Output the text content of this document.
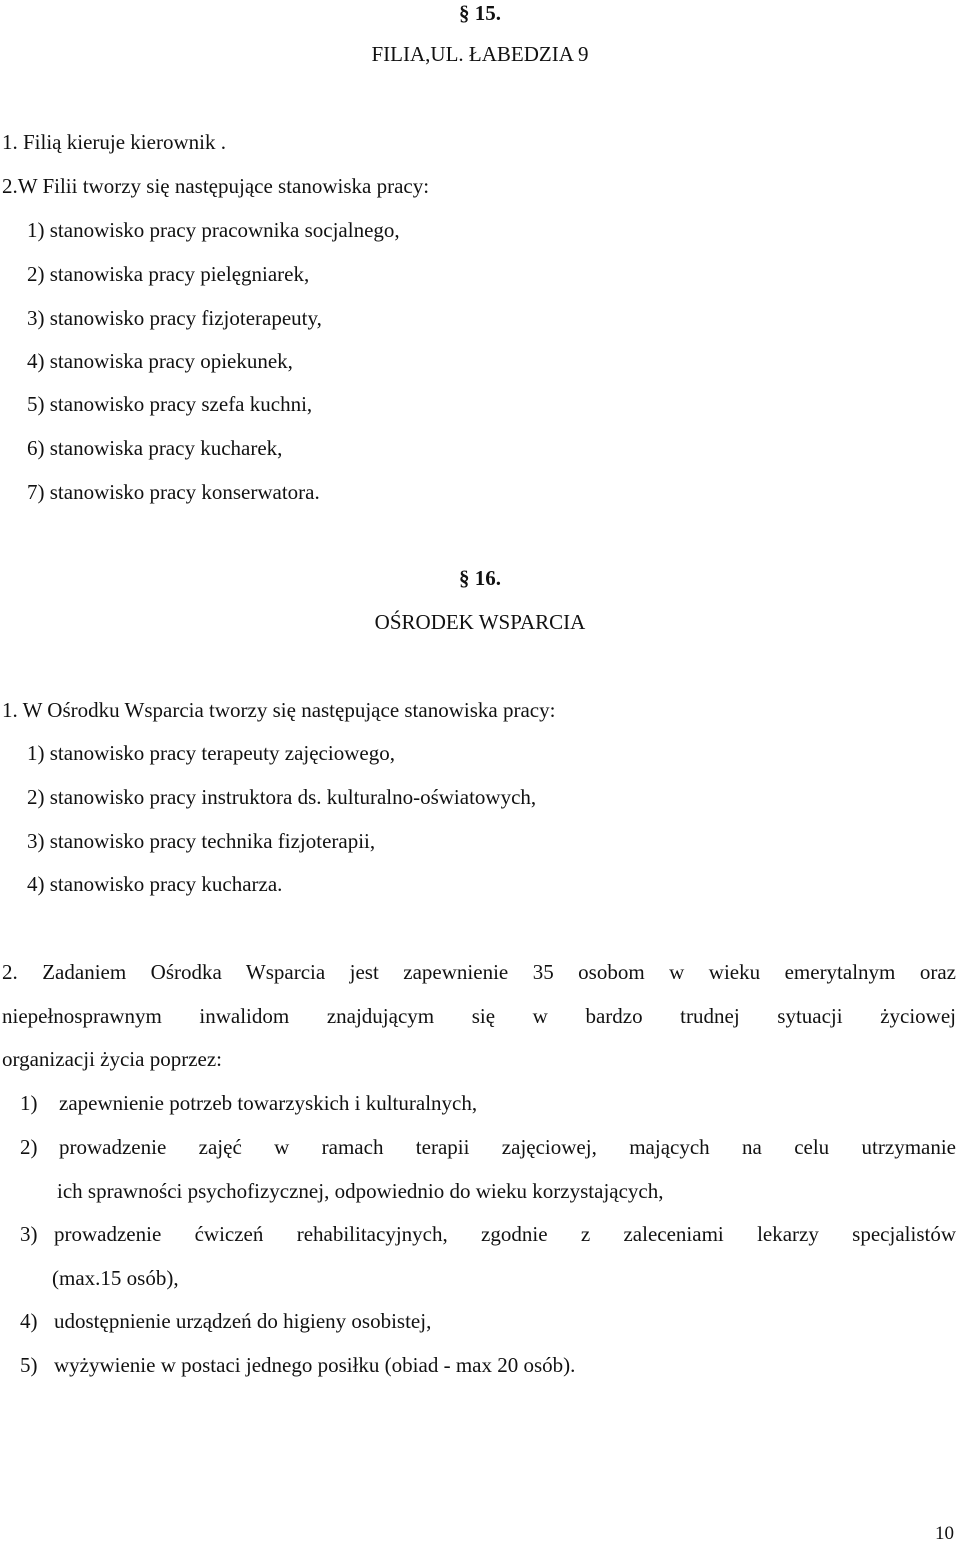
§ 15.
FILIA,UL. ŁABEDZIA 9
1. Filią kieruje kierownik .
2.W Filii tworzy się następujące stanowiska pracy:
1) stanowisko pracy pracownika socjalnego,
2) stanowiska pracy pielęgniarek,
3) stanowisko pracy fizjoterapeuty,
4) stanowiska pracy opiekunek,
5) stanowisko pracy szefa kuchni,
6) stanowiska pracy kucharek,
7) stanowisko pracy konserwatora.
§ 16.
OŚRODEK WSPARCIA
1. W Ośrodku Wsparcia tworzy się następujące stanowiska pracy:
1) stanowisko pracy terapeuty zajęciowego,
2) stanowisko pracy instruktora ds. kulturalno-oświatowych,
3) stanowisko pracy technika fizjoterapii,
4) stanowisko pracy kucharza.
2. Zadaniem Ośrodka Wsparcia jest zapewnienie 35 osobom w wieku emerytalnym oraz
niepełnosprawnym inwalidom znajdującym się w bardzo trudnej sytuacji życiowej
organizacji życia poprzez:
1) zapewnienie potrzeb towarzyskich i kulturalnych,
2) prowadzenie zajęć w ramach terapii zajęciowej, mających na celu utrzymanie
ich sprawności psychofizycznej, odpowiednio do wieku korzystających,
3) prowadzenie ćwiczeń rehabilitacyjnych, zgodnie z zaleceniami lekarzy specjalistów
(max.15 osób),
4) udostępnienie urządzeń do higieny osobistej,
5) wyżywienie w postaci jednego posiłku (obiad - max 20 osób).
10
